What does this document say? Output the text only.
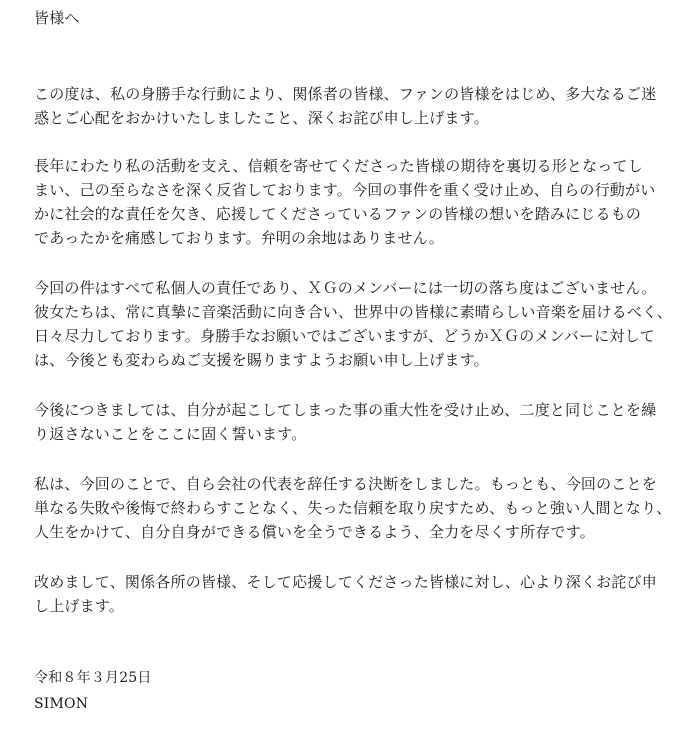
皆様へ
この度は、私の身勝手な行動により、関係者の皆様、ファンの皆様をはじめ、多大なるご迷
惑とご心配をおかけいたしましたこと、深くお詫び申し上げます。
長年にわたり私の活動を支え、信頼を寄せてくださった皆様の期待を裏切る形となってし
まい、己の至らなさを深く反省しております。今回の事件を重く受け止め、自らの行動がい
かに社会的な責任を欠き、応援してくださっているファンの皆様の想いを踏みにじるもの
であったかを痛感しております。弁明の余地はありません。
今回の件はすべて私個人の責任であり、ＸＧのメンバーには一切の落ち度はございません。
彼女たちは、常に真摯に音楽活動に向き合い、世界中の皆様に素晴らしい音楽を届けるべく、
日々尽力しております。身勝手なお願いではございますが、どうかＸＧのメンバーに対して
は、今後とも変わらぬご支援を賜りますようお願い申し上げます。
今後につきましては、自分が起こしてしまった事の重大性を受け止め、二度と同じことを繰
り返さないことをここに固く誓います。
私は、今回のことで、自ら会社の代表を辞任する決断をしました。もっとも、今回のことを
単なる失敗や後悔で終わらすことなく、失った信頼を取り戻すため、もっと強い人間となり、
人生をかけて、自分自身ができる償いを全うできるよう、全力を尽くす所存です。
改めまして、関係各所の皆様、そして応援してくださった皆様に対し、心より深くお詫び申
し上げます。
令和８年３月25日
SIMON
